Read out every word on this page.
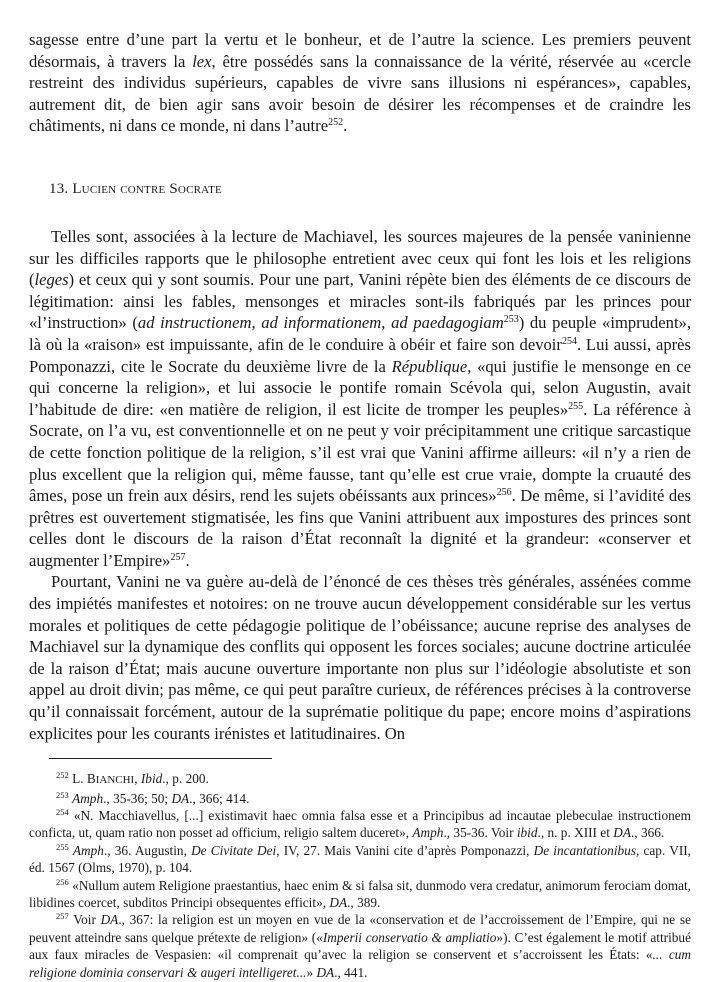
sagesse entre d’une part la vertu et le bonheur, et de l’autre la science. Les premiers peuvent désormais, à travers la lex, être possédés sans la connaissance de la vérité, réservée au «cercle restreint des individus supérieurs, capables de vivre sans illusions ni espérances», capables, autrement dit, de bien agir sans avoir besoin de désirer les récompenses et de craindre les châtiments, ni dans ce monde, ni dans l’autre$^{252}$.

13. Lucien contre Socrate

Telles sont, associées à la lecture de Machiavel, les sources majeures de la pensée vaninienne sur les difficiles rapports que le philosophe entretient avec ceux qui font les lois et les religions (leges) et ceux qui y sont soumis. Pour une part, Vanini répète bien des éléments de ce discours de légitimation: ainsi les fables, mensonges et miracles sont-ils fabriqués par les princes pour «l’instruction» (ad instructionem, ad informationem, ad paedagogiam$^{253}$) du peuple «imprudent», là où la «raison» est impuissante, afin de le conduire à obéir et faire son devoir$^{254}$. Lui aussi, après Pomponazzi, cite le Socrate du deuxième livre de la République, «qui justifie le mensonge en ce qui concerne la religion», et lui associe le pontife romain Scévola qui, selon Augustin, avait l’habitude de dire: «en matière de religion, il est licite de tromper les peuples»$^{255}$. La référence à Socrate, on l’a vu, est conventionnelle et on ne peut y voir précipitamment une critique sarcastique de cette fonction politique de la religion, s’il est vrai que Vanini affirme ailleurs: «il n’y a rien de plus excellent que la religion qui, même fausse, tant qu’elle est crue vraie, dompte la cruauté des âmes, pose un frein aux désirs, rend les sujets obéissants aux princes»$^{256}$. De même, si l’avidité des prêtres est ouvertement stigmatisée, les fins que Vanini attribuent aux impostures des princes sont celles dont le discours de la raison d’État reconnaît la dignité et la grandeur: «conserver et augmenter l’Empire»$^{257}$.

Pourtant, Vanini ne va guère au-delà de l’énoncé de ces thèses très générales, assénées comme des impiétés manifestes et notoires: on ne trouve aucun développement considérable sur les vertus morales et politiques de cette pédagogie politique de l’obéissance; aucune reprise des analyses de Machiavel sur la dynamique des conflits qui opposent les forces sociales; aucune doctrine articulée de la raison d’État; mais aucune ouverture importante non plus sur l’idéologie absolutiste et son appel au droit divin; pas même, ce qui peut paraître curieux, de références précises à la controverse qu’il connaissait forcément, autour de la suprématie politique du pape; encore moins d’aspirations explicites pour les courants irénistes et latitudinaires. On

$^{252}$ L. BIANCHI, Ibid., p. 200.

$^{253}$ Amph., 35-36; 50; DA., 366; 414.

$^{254}$ «N. Macchiavellus, [...] existimavit haec omnia falsa esse et a Principibus ad incautae plebeculae instructionem conficta, ut, quam ratio non posset ad officium, religio saltem duceret», Amph., 35-36. Voir ibid., n. p. XIII et DA., 366.

$^{255}$ Amph., 36. Augustin, De Civitate Dei, IV, 27. Mais Vanini cite d’après Pomponazzi, De incantationibus, cap. VII, éd. 1567 (Olms, 1970), p. 104.

$^{256}$ «Nullum autem Religione praestantius, haec enim & si falsa sit, dunmodo vera credatur, animorum ferociam domat, libidines coercet, subditos Principi obsequentes efficit», DA., 389.

$^{257}$ Voir DA., 367: la religion est un moyen en vue de la «conservation et de l’accroissement de l’Empire, qui ne se peuvent atteindre sans quelque prétexte de religion» («Imperii conservatio & ampliatio»). C’est également le motif attribué aux faux miracles de Vespasien: «il comprenait qu’avec la religion se conservent et s’accroissent les États: «... cum religione dominia conservari & augeri intelligeret...» DA., 441.
